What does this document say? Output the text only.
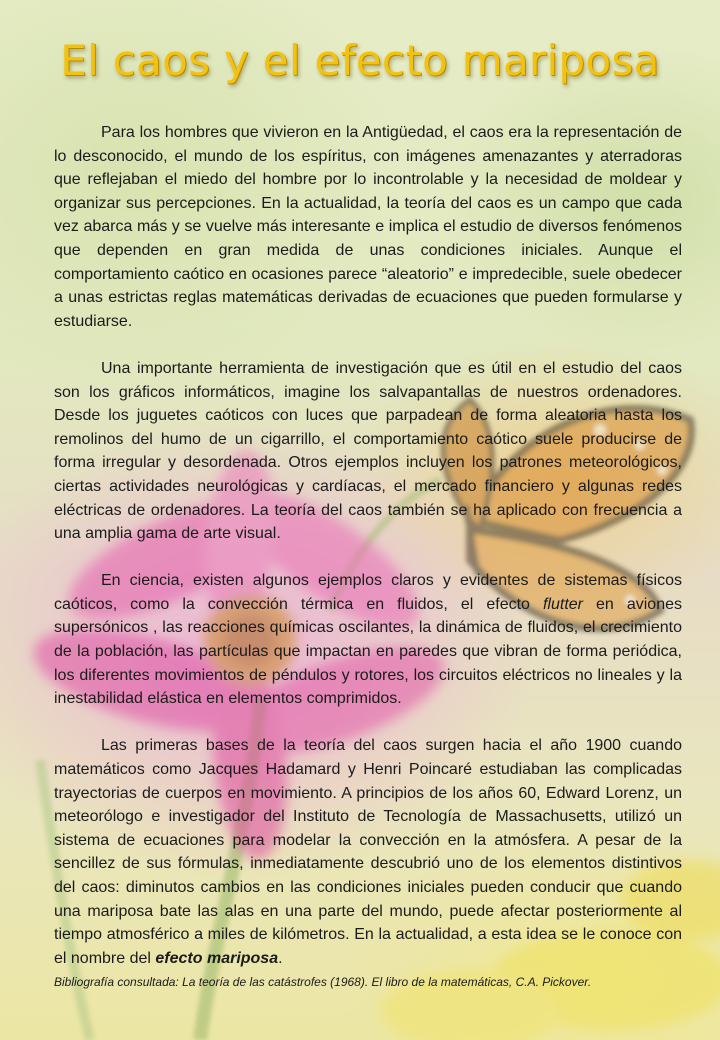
El caos y el efecto mariposa

Para los hombres que vivieron en la Antigüedad, el caos era la representación de lo desconocido, el mundo de los espíritus, con imágenes amenazantes y aterradoras que reflejaban el miedo del hombre por lo incontrolable y la necesidad de moldear y organizar sus percepciones. En la actualidad, la teoría del caos es un campo que cada vez abarca más y se vuelve más interesante e implica el estudio de diversos fenómenos que dependen en gran medida de unas condiciones iniciales. Aunque el comportamiento caótico en ocasiones parece “aleatorio” e impredecible, suele obedecer a unas estrictas reglas matemáticas derivadas de ecuaciones que pueden formularse y estudiarse.

Una importante herramienta de investigación que es útil en el estudio del caos son los gráficos informáticos, imagine los salvapantallas de nuestros ordenadores. Desde los juguetes caóticos con luces que parpadean de forma aleatoria hasta los remolinos del humo de un cigarrillo, el comportamiento caótico suele producirse de forma irregular y desordenada. Otros ejemplos incluyen los patrones meteorológicos, ciertas actividades neurológicas y cardíacas, el mercado financiero y algunas redes eléctricas de ordenadores. La teoría del caos también se ha aplicado con frecuencia a una amplia gama de arte visual.

En ciencia, existen algunos ejemplos claros y evidentes de sistemas físicos caóticos, como la convección térmica en fluidos, el efecto flutter en aviones supersónicos , las reacciones químicas oscilantes, la dinámica de fluidos, el crecimiento de la población, las partículas que impactan en paredes que vibran de forma periódica, los diferentes movimientos de péndulos y rotores, los circuitos eléctricos no lineales y la inestabilidad elástica en elementos comprimidos.

Las primeras bases de la teoría del caos surgen hacia el año 1900 cuando matemáticos como Jacques Hadamard y Henri Poincaré estudiaban las complicadas trayectorias de cuerpos en movimiento. A principios de los años 60, Edward Lorenz, un meteorólogo e investigador del Instituto de Tecnología de Massachusetts, utilizó un sistema de ecuaciones para modelar la convección en la atmósfera. A pesar de la sencillez de sus fórmulas, inmediatamente descubrió uno de los elementos distintivos del caos: diminutos cambios en las condiciones iniciales pueden conducir que cuando una mariposa bate las alas en una parte del mundo, puede afectar posteriormente al tiempo atmosférico a miles de kilómetros. En la actualidad, a esta idea se le conoce con el nombre del efecto mariposa.

Bibliografía consultada: La teoría de las catástrofes (1968). El libro de la matemáticas, C.A. Pickover.
